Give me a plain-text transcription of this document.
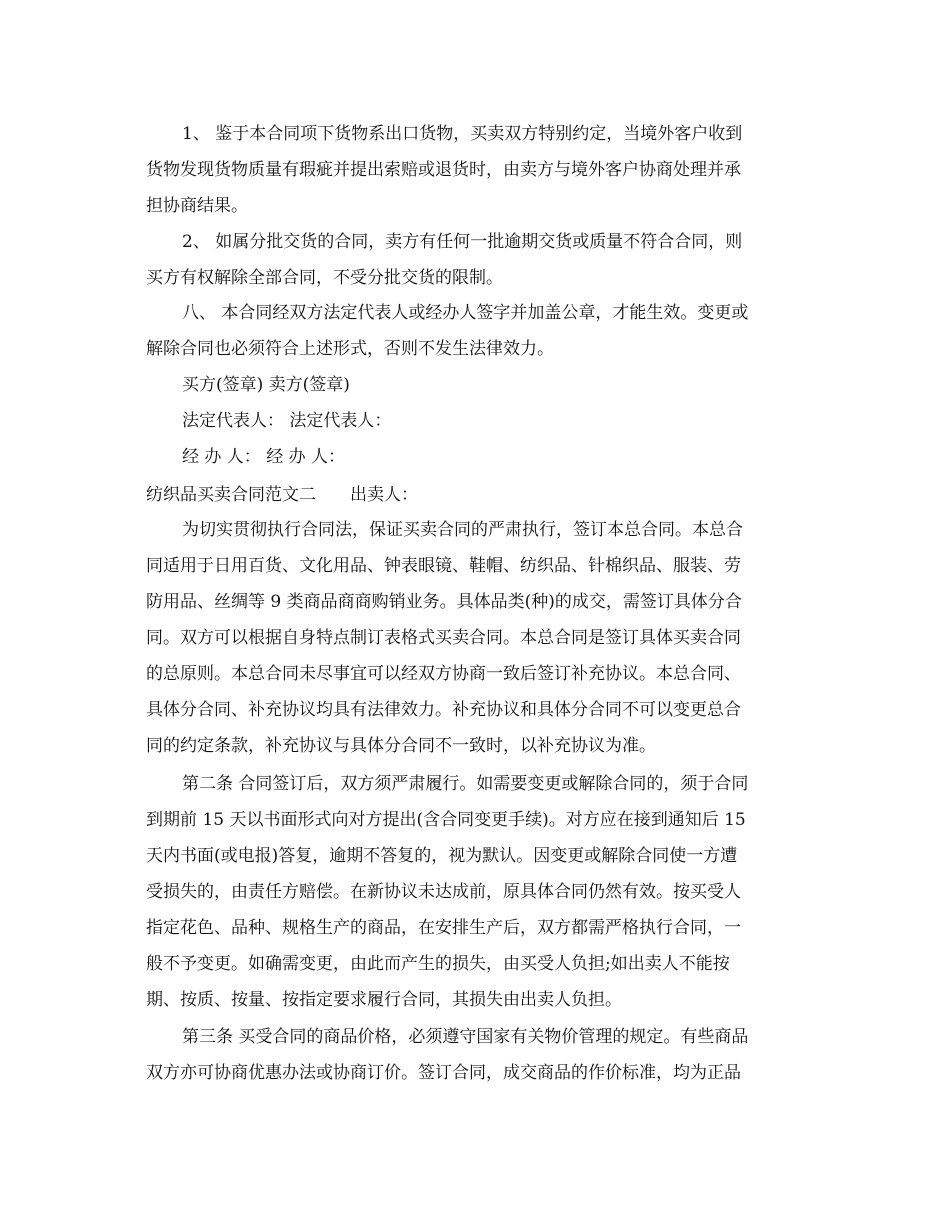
1、 鉴于本合同项下货物系出口货物，买卖双方特别约定，当境外客户收到
货物发现货物质量有瑕疵并提出索赔或退货时，由卖方与境外客户协商处理并承
担协商结果。
2、 如属分批交货的合同，卖方有任何一批逾期交货或质量不符合合同，则
买方有权解除全部合同，不受分批交货的限制。
八、 本合同经双方法定代表人或经办人签字并加盖公章，才能生效。变更或
解除合同也必须符合上述形式，否则不发生法律效力。
买方(签章) 卖方(签章)
法定代表人： 法定代表人：
经 办 人： 经 办 人：
纺织品买卖合同范文二 出卖人：
为切实贯彻执行合同法，保证买卖合同的严肃执行，签订本总合同。本总合
同适用于日用百货、文化用品、钟表眼镜、鞋帽、纺织品、针棉织品、服装、劳
防用品、丝绸等 9 类商品商商购销业务。具体品类(种)的成交，需签订具体分合
同。双方可以根据自身特点制订表格式买卖合同。本总合同是签订具体买卖合同
的总原则。本总合同未尽事宜可以经双方协商一致后签订补充协议。本总合同、
具体分合同、补充协议均具有法律效力。补充协议和具体分合同不可以变更总合
同的约定条款，补充协议与具体分合同不一致时，以补充协议为准。
第二条 合同签订后，双方须严肃履行。如需要变更或解除合同的，须于合同
到期前 15 天以书面形式向对方提出(含合同变更手续)。对方应在接到通知后 15
天内书面(或电报)答复，逾期不答复的，视为默认。因变更或解除合同使一方遭
受损失的，由责任方赔偿。在新协议未达成前，原具体合同仍然有效。按买受人
指定花色、品种、规格生产的商品，在安排生产后，双方都需严格执行合同，一
般不予变更。如确需变更，由此而产生的损失，由买受人负担;如出卖人不能按
期、按质、按量、按指定要求履行合同，其损失由出卖人负担。
第三条 买受合同的商品价格，必须遵守国家有关物价管理的规定。有些商品
双方亦可协商优惠办法或协商订价。签订合同，成交商品的作价标准，均为正品
